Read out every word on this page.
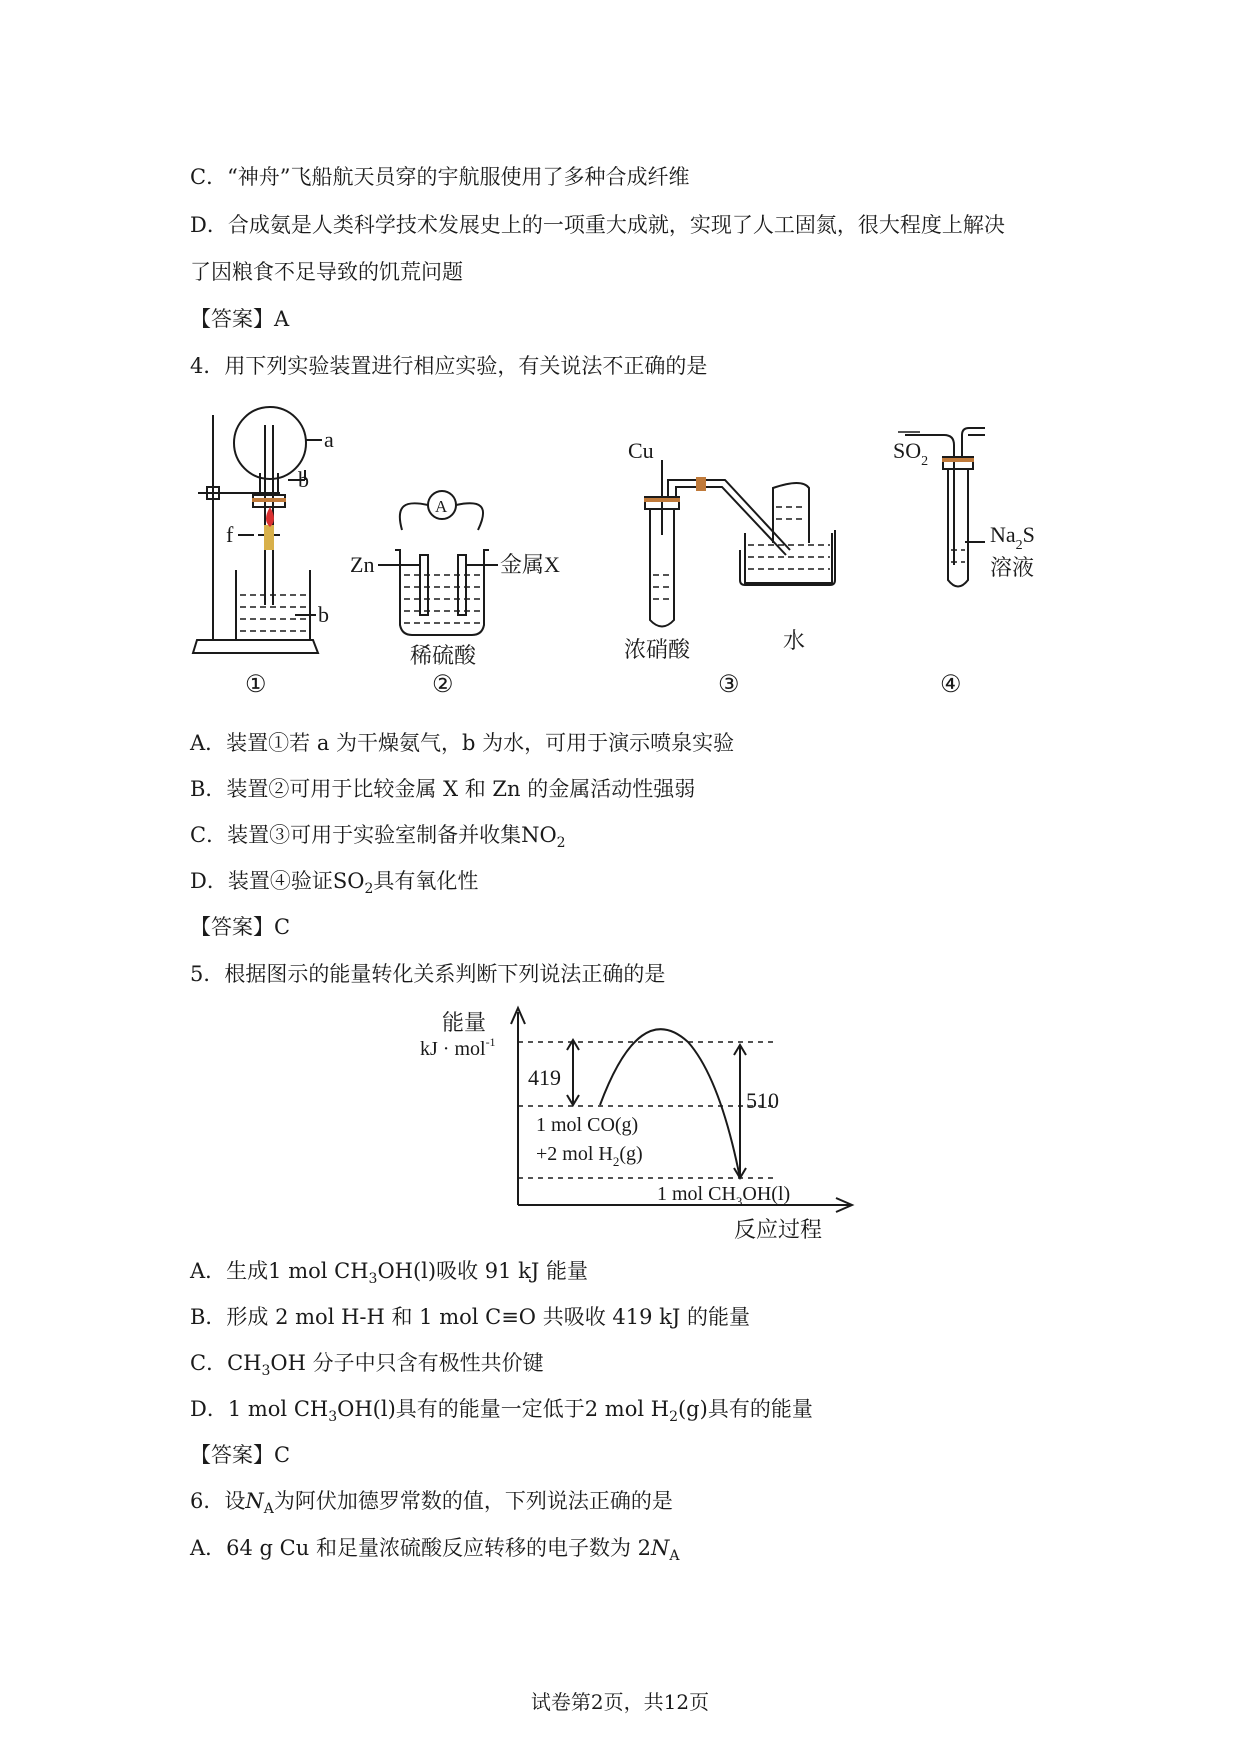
C．“神舟”飞船航天员穿的宇航服使用了多种合成纤维
D．合成氨是人类科学技术发展史上的一项重大成就，实现了人工固氮，很大程度上解决
了因粮食不足导致的饥荒问题
【答案】A
4．用下列实验装置进行相应实验，有关说法不正确的是
①
a
b
f
b
A
Zn	金属X
稀硫酸
②
Cu
浓硝酸	水
③
$SO_2$
$Na_2S$
溶液
④
A．装置①若 a 为干燥氨气，b 为水，可用于演示喷泉实验
B．装置②可用于比较金属 X 和 Zn 的金属活动性强弱
C．装置③可用于实验室制备并收集$NO_2$
D．装置④验证$SO_2$具有氧化性
【答案】C
5．根据图示的能量转化关系判断下列说法正确的是
能量
kJ · mol$^{-1}$
419
510
1 mol CO(g)
+2 mol $H_2(g)$
1 mol $CH_3OH(l)$
反应过程
A．生成1 mol $CH_3OH(l)$吸收 91 kJ 能量
B．形成 2 mol H-H 和 1 mol C≡O 共吸收 419 kJ 的能量
C．$CH_3OH$ 分子中只含有极性共价键
D．1 mol $CH_3OH(l)$具有的能量一定低于2 mol $H_2(g)$具有的能量
【答案】C
6．设$N_A$为阿伏加德罗常数的值，下列说法正确的是
A．64 g Cu 和足量浓硫酸反应转移的电子数为 $2N_A$
试卷第2页，共12页
